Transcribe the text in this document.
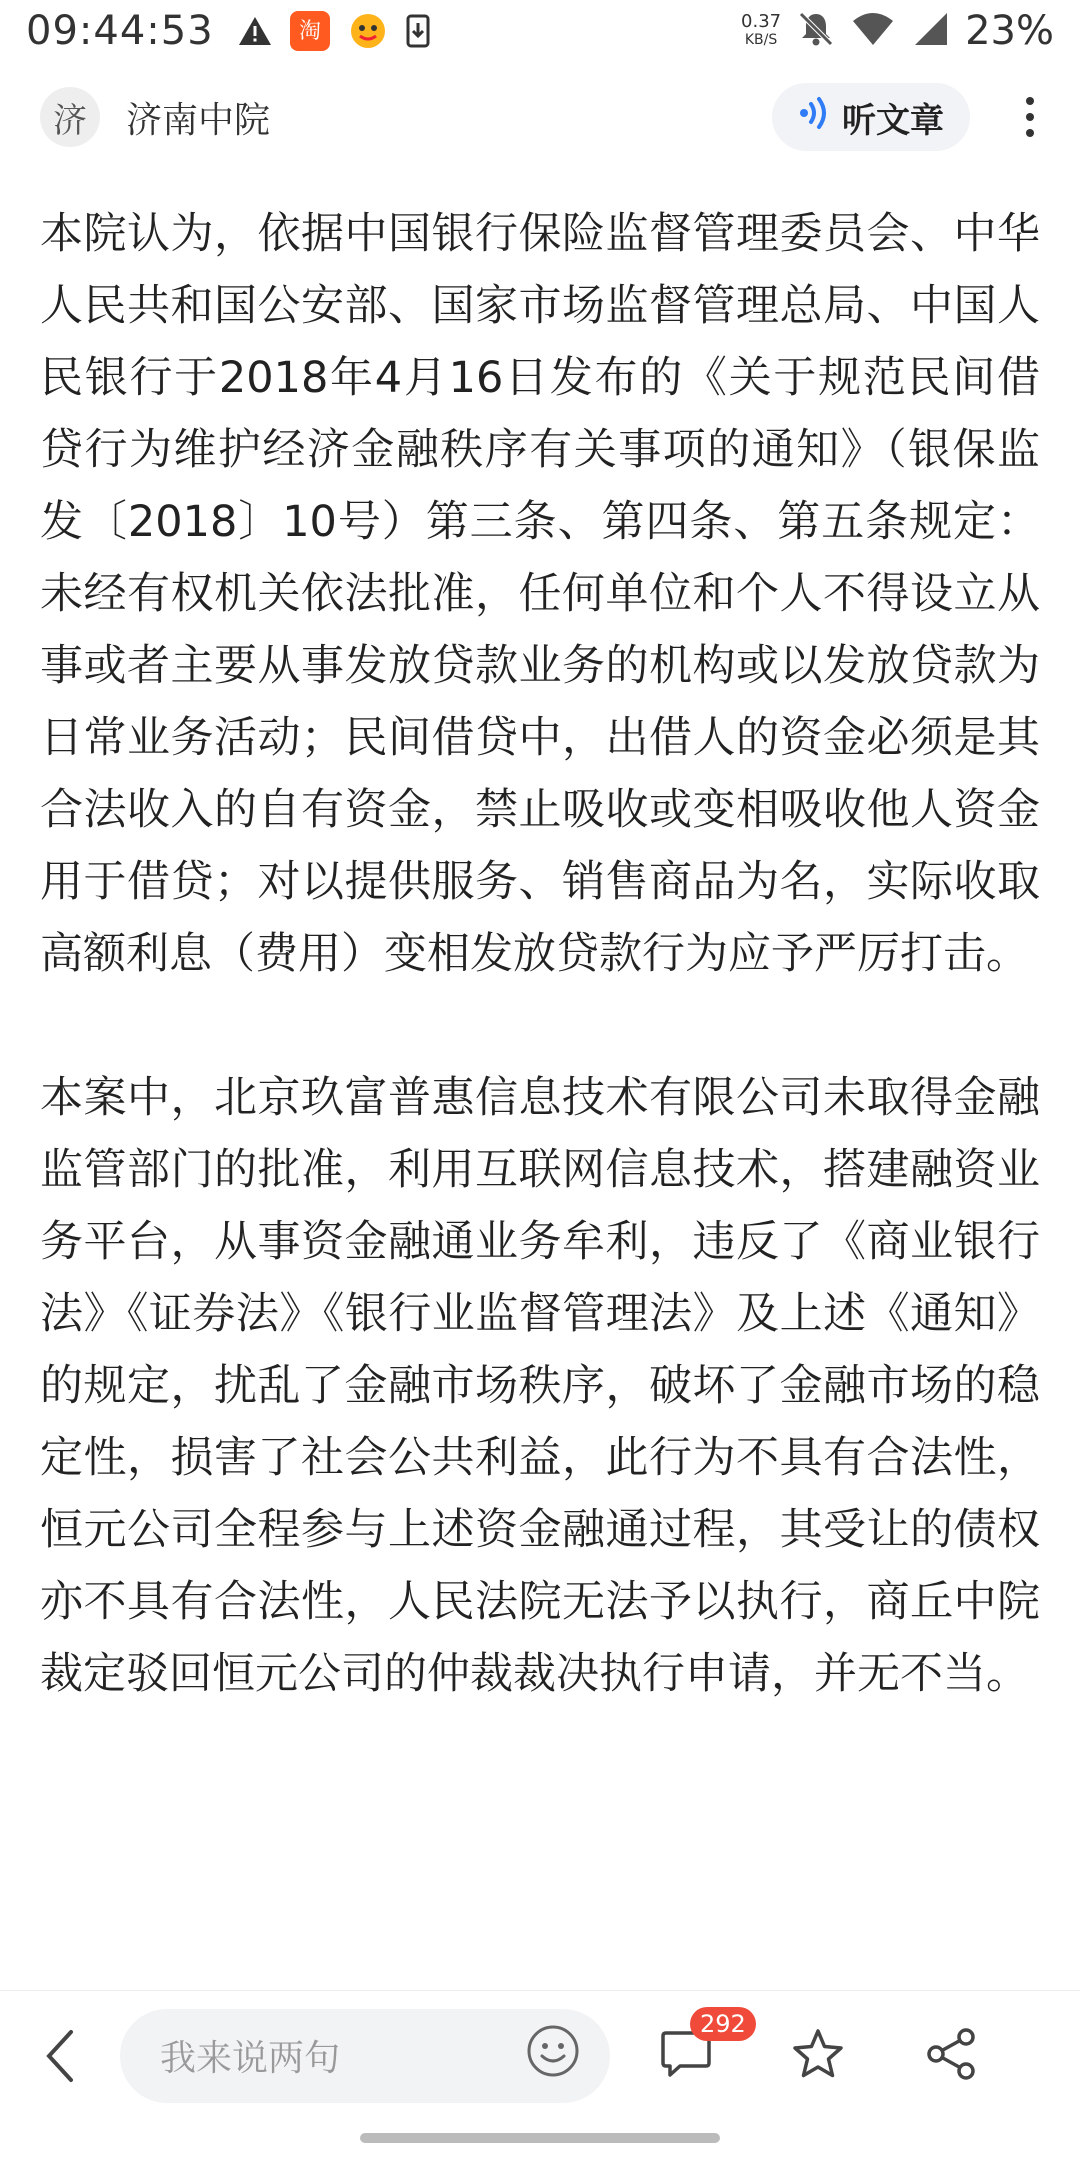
09:44:53	淘	0.37
KB/S	23%
济 济南中院	听文章

本院认为，依据中国银行保险监督管理委员会、中华人民共和国公安部、国家市场监督管理总局、中国人民银行于2018年4月16日发布的《关于规范民间借贷行为维护经济金融秩序有关事项的通知》（银保监发〔2018〕10号）第三条、第四条、第五条规定：未经有权机关依法批准，任何单位和个人不得设立从事或者主要从事发放贷款业务的机构或以发放贷款为日常业务活动；民间借贷中，出借人的资金必须是其合法收入的自有资金，禁止吸收或变相吸收他人资金用于借贷；对以提供服务、销售商品为名，实际收取高额利息（费用）变相发放贷款行为应予严厉打击。

本案中，北京玖富普惠信息技术有限公司未取得金融监管部门的批准，利用互联网信息技术，搭建融资业务平台，从事资金融通业务牟利，违反了《商业银行法》《证券法》《银行业监督管理法》及上述《通知》的规定，扰乱了金融市场秩序，破坏了金融市场的稳定性，损害了社会公共利益，此行为不具有合法性，恒元公司全程参与上述资金融通过程，其受让的债权亦不具有合法性，人民法院无法予以执行，商丘中院裁定驳回恒元公司的仲裁裁决执行申请，并无不当。

我来说两句
292
